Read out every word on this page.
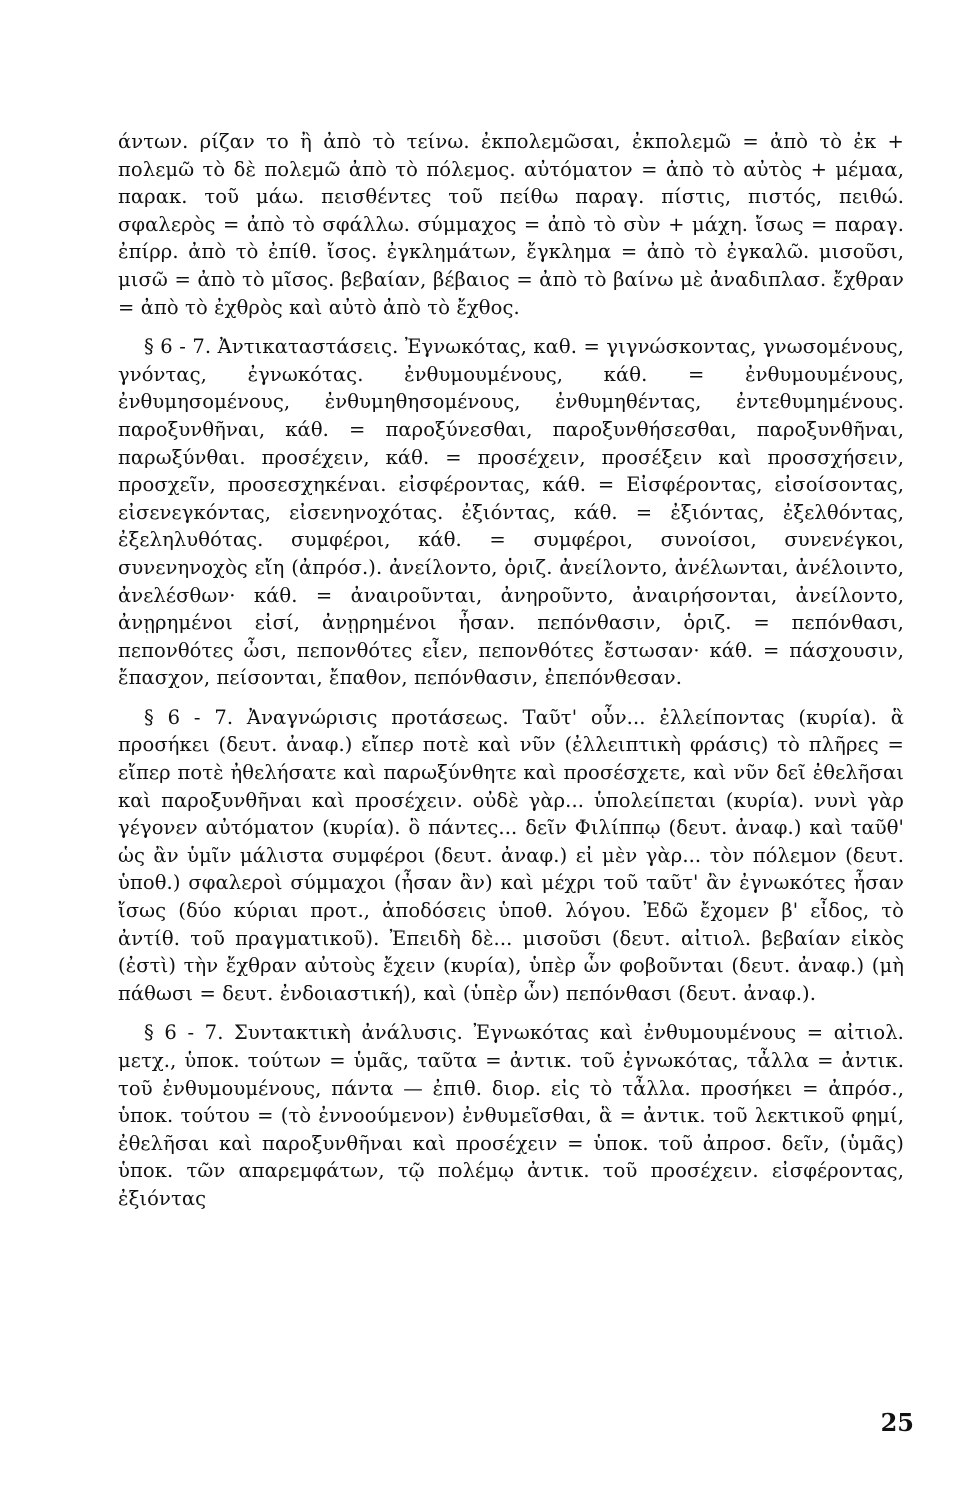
άντων. ρίζαν το ἢ ἀπὸ τὸ τείνω. ἐκπολεμῶσαι, ἐκπολεμῶ = ἀπὸ τὸ ἐκ + πολεμῶ τὸ δὲ πολεμῶ ἀπὸ τὸ πόλεμος. αὐτόματον = ἀπὸ τὸ αὐτὸς + μέμαα, παρακ. τοῦ μάω. πεισθέντες τοῦ πείθω παραγ. πίστις, πιστός, πειθώ. σφαλερὸς = ἀπὸ τὸ σφάλλω. σύμμαχος = ἀπὸ τὸ σὺν + μάχη. ἴσως = παραγ. ἐπίρρ. ἀπὸ τὸ ἐπίθ. ἴσος. ἐγκλημάτων, ἔγκλημα = ἀπὸ τὸ ἐγκαλῶ. μισοῦσι, μισῶ = ἀπὸ τὸ μῖσος. βεβαίαν, βέβαιος = ἀπὸ τὸ βαίνω μὲ ἀναδιπλασ. ἔχθραν = ἀπὸ τὸ ἐχθρὸς καὶ αὐτὸ ἀπὸ τὸ ἔχθος.

§ 6 - 7. Ἀντικαταστάσεις. Ἐγνωκότας, καθ. = γιγνώσκοντας, γνωσομένους, γνόντας, ἐγνωκότας. ἐνθυμουμένους, κάθ. = ἐνθυμουμένους, ἐνθυμησομένους, ἐνθυμηθησομένους, ἐνθυμηθέντας, ἐντεθυμημένους. παροξυνθῆναι, κάθ. = παροξύνεσθαι, παροξυνθήσεσθαι, παροξυνθῆναι, παρωξύνθαι. προσέχειν, κάθ. = προσέχειν, προσέξειν καὶ προσσχήσειν, προσχεῖν, προσεσχηκέναι. εἰσφέροντας, κάθ. = Εἰσφέροντας, εἰσοίσοντας, εἰσενεγκόντας, εἰσενηνοχότας. ἐξιόντας, κάθ. = ἐξιόντας, ἐξελθόντας, ἐξεληλυθότας. συμφέροι, κάθ. = συμφέροι, συνοίσοι, συνενέγκοι, συνενηνοχὸς εἴη (ἀπρόσ.). ἀνείλοντο, ὁριζ. ἀνείλοντο, ἀνέλωνται, ἀνέλοιντο, ἀνελέσθων· κάθ. = ἀναιροῦνται, ἀνηροῦντο, ἀναιρήσονται, ἀνείλοντο, ἀνῃρημένοι εἰσί, ἀνῃρημένοι ἦσαν. πεπόνθασιν, ὁριζ. = πεπόνθασι, πεπονθότες ὦσι, πεπονθότες εἶεν, πεπονθότες ἔστωσαν· κάθ. = πάσχουσιν, ἔπασχον, πείσονται, ἔπαθον, πεπόνθασιν, ἐπεπόνθεσαν.

§ 6 - 7. Ἀναγνώρισις προτάσεως. Ταῦτ' οὖν... ἐλλείποντας (κυρία). ἃ προσήκει (δευτ. ἀναφ.) εἴπερ ποτὲ καὶ νῦν (ἐλλειπτικὴ φράσις) τὸ πλῆρες = εἴπερ ποτὲ ἠθελήσατε καὶ παρωξύνθητε καὶ προσέσχετε, καὶ νῦν δεῖ ἐθελῆσαι καὶ παροξυνθῆναι καὶ προσέχειν. οὐδὲ γὰρ... ὑπολείπεται (κυρία). νυνὶ γὰρ γέγονεν αὐτόματον (κυρία). ὃ πάντες... δεῖν Φιλίππῳ (δευτ. ἀναφ.) καὶ ταῦθ' ὡς ἂν ὑμῖν μάλιστα συμφέροι (δευτ. ἀναφ.) εἰ μὲν γὰρ... τὸν πόλεμον (δευτ. ὑποθ.) σφαλεροὶ σύμμαχοι (ἦσαν ἂν) καὶ μέχρι τοῦ ταῦτ' ἂν ἐγνωκότες ἦσαν ἴσως (δύο κύριαι προτ., ἀποδόσεις ὑποθ. λόγου. Ἐδῶ ἔχομεν β' εἶδος, τὸ ἀντίθ. τοῦ πραγματικοῦ). Ἐπειδὴ δὲ... μισοῦσι (δευτ. αἰτιολ. βεβαίαν εἰκὸς (ἐστὶ) τὴν ἔχθραν αὐτοὺς ἔχειν (κυρία), ὑπὲρ ὧν φοβοῦνται (δευτ. ἀναφ.) (μὴ πάθωσι = δευτ. ἐνδοιαστική), καὶ (ὑπὲρ ὧν) πεπόνθασι (δευτ. ἀναφ.).

§ 6 - 7. Συντακτικὴ ἀνάλυσις. Ἐγνωκότας καὶ ἐνθυμουμένους = αἰτιολ. μετχ., ὑποκ. τούτων = ὑμᾶς, ταῦτα = ἀντικ. τοῦ ἐγνωκότας, τἆλλα = ἀντικ. τοῦ ἐνθυμουμένους, πάντα — ἐπιθ. διορ. εἰς τὸ τἆλλα. προσήκει = ἀπρόσ., ὑποκ. τούτου = (τὸ ἐννοούμενον) ἐνθυμεῖσθαι, ἃ = ἀντικ. τοῦ λεκτικοῦ φημί, ἐθελῆσαι καὶ παροξυνθῆναι καὶ προσέχειν = ὑποκ. τοῦ ἀπροσ. δεῖν, (ὑμᾶς) ὑποκ. τῶν απαρεμφάτων, τῷ πολέμῳ ἀντικ. τοῦ προσέχειν. εἰσφέροντας, ἐξιόντας

25
